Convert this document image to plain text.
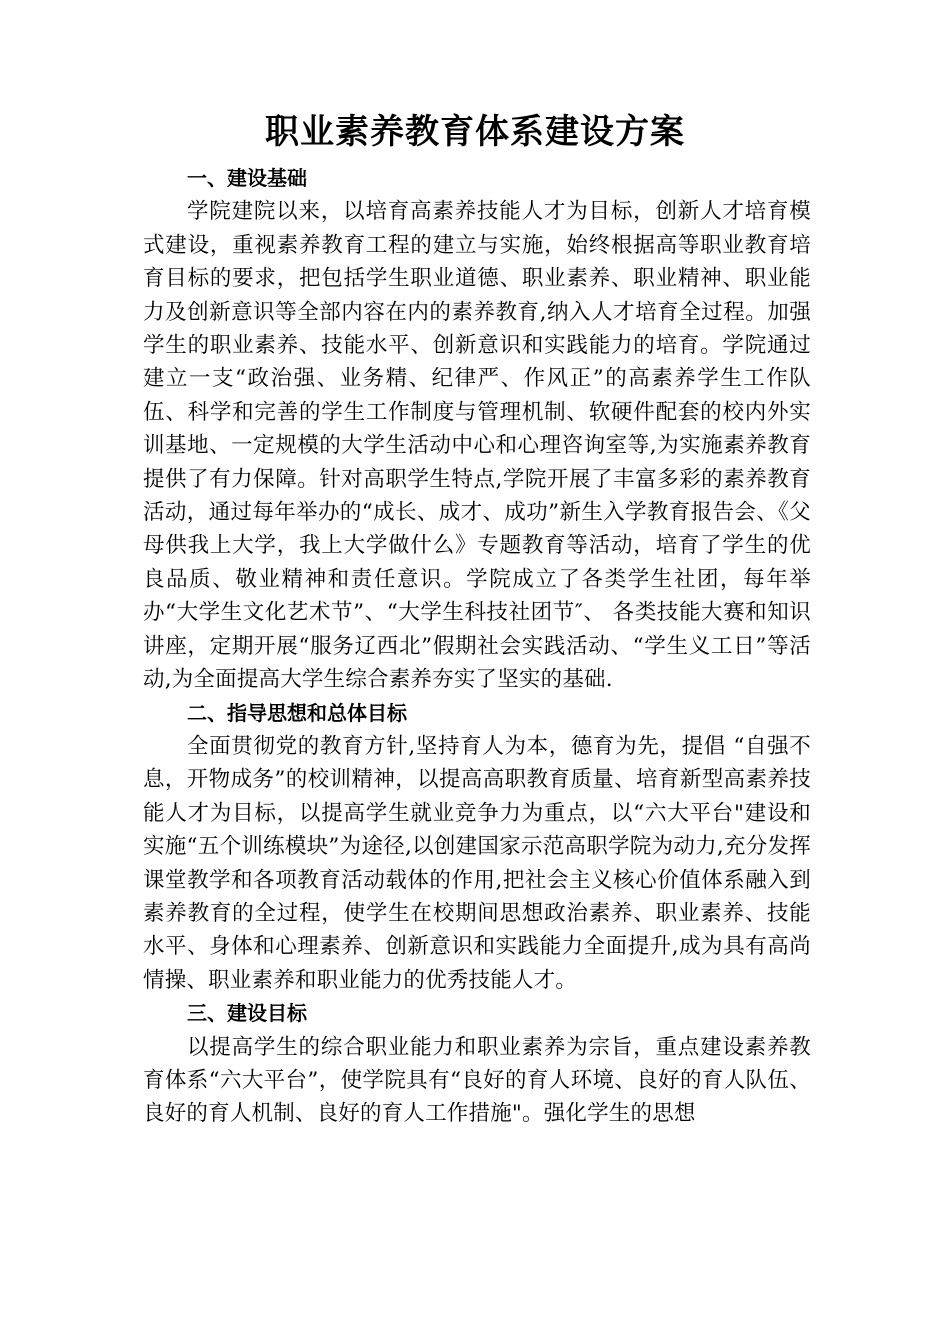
职业素养教育体系建设方案

一、建设基础

学院建院以来，以培育高素养技能人才为目标，创新人才培育模式建设，重视素养教育工程的建立与实施，始终根据高等职业教育培育目标的要求，把包括学生职业道德、职业素养、职业精神、职业能力及创新意识等全部内容在内的素养教育,纳入人才培育全过程。加强学生的职业素养、技能水平、创新意识和实践能力的培育。学院通过建立一支“政治强、业务精、纪律严、作风正”的高素养学生工作队伍、科学和完善的学生工作制度与管理机制、软硬件配套的校内外实训基地、一定规模的大学生活动中心和心理咨询室等,为实施素养教育提供了有力保障。针对高职学生特点,学院开展了丰富多彩的素养教育活动，通过每年举办的“成长、成才、成功”新生入学教育报告会、《父母供我上大学，我上大学做什么》专题教育等活动，培育了学生的优良品质、敬业精神和责任意识。学院成立了各类学生社团，每年举办“大学生文化艺术节”、“大学生科技社团节″、 各类技能大赛和知识讲座，定期开展“服务辽西北”假期社会实践活动、“学生义工日”等活动,为全面提高大学生综合素养夯实了坚实的基础.

二、指导思想和总体目标

全面贯彻党的教育方针,坚持育人为本，德育为先，提倡 “自强不息，开物成务”的校训精神，以提高高职教育质量、培育新型高素养技能人才为目标，以提高学生就业竞争力为重点，以“六大平台"建设和实施“五个训练模块”为途径,以创建国家示范高职学院为动力,充分发挥课堂教学和各项教育活动载体的作用,把社会主义核心价值体系融入到素养教育的全过程，使学生在校期间思想政治素养、职业素养、技能水平、身体和心理素养、创新意识和实践能力全面提升,成为具有高尚情操、职业素养和职业能力的优秀技能人才。

三、建设目标

以提高学生的综合职业能力和职业素养为宗旨，重点建设素养教育体系“六大平台”，使学院具有“良好的育人环境、良好的育人队伍、良好的育人机制、良好的育人工作措施"。强化学生的思想
